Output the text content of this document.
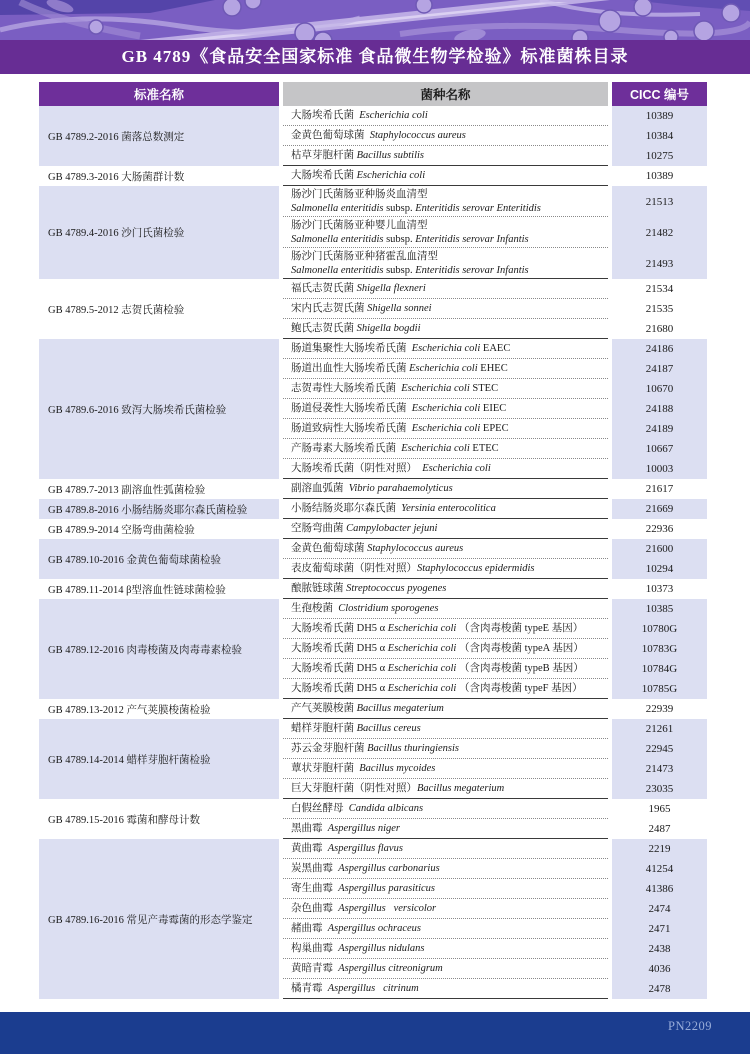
GB 4789《食品安全国家标准 食品微生物学检验》标准菌株目录
标准名称	菌种名称	CICC 编号
GB 4789.2-2016 菌落总数测定	大肠埃希氏菌  Escherichia coli	10389

	金黄色葡萄球菌  Staphylococcus aureus	10384

	枯草芽胞杆菌 Bacillus subtilis	10275
GB 4789.3-2016 大肠菌群计数	大肠埃希氏菌 Escherichia coli	10389
GB 4789.4-2016 沙门氏菌检验	肠沙门氏菌肠亚种肠炎血清型
Salmonella enteritidis subsp. Enteritidis serovar Enteritidis	21513

	肠沙门氏菌肠亚种婴儿血清型
Salmonella enteritidis subsp. Enteritidis serovar Infantis	21482

	肠沙门氏菌肠亚种猪霍乱血清型
Salmonella enteritidis subsp. Enteritidis serovar Infantis	21493
GB 4789.5-2012 志贺氏菌检验	福氏志贺氏菌 Shigella flexneri	21534

	宋内氏志贺氏菌 Shigella sonnei	21535

	鲍氏志贺氏菌 Shigella bogdii	21680
GB 4789.6-2016 致泻大肠埃希氏菌检验	肠道集聚性大肠埃希氏菌  Escherichia coli EAEC	24186

	肠道出血性大肠埃希氏菌 Escherichia coli EHEC	24187

	志贺毒性大肠埃希氏菌  Escherichia coli STEC	10670

	肠道侵袭性大肠埃希氏菌  Escherichia coli EIEC	24188

	肠道致病性大肠埃希氏菌  Escherichia coli EPEC	24189

	产肠毒素大肠埃希氏菌  Escherichia coli ETEC	10667

	大肠埃希氏菌（阴性对照）  Escherichia coli	10003
GB 4789.7-2013 副溶血性弧菌检验	副溶血弧菌  Vibrio parahaemolyticus	21617
GB 4789.8-2016 小肠结肠炎耶尔森氏菌检验	小肠结肠炎耶尔森氏菌  Yersinia enterocolitica	21669
GB 4789.9-2014 空肠弯曲菌检验	空肠弯曲菌 Campylobacter jejuni	22936
GB 4789.10-2016 金黄色葡萄球菌检验	金黄色葡萄球菌 Staphylococcus aureus	21600

	表皮葡萄球菌（阴性对照）Staphylococcus epidermidis	10294
GB 4789.11-2014 β型溶血性链球菌检验	酿脓链球菌 Streptococcus pyogenes	10373
GB 4789.12-2016 肉毒梭菌及肉毒毒素检验	生孢梭菌  Clostridium sporogenes	10385

	大肠埃希氏菌 DH5 α Escherichia coli （含肉毒梭菌 typeE 基因）	10780G

	大肠埃希氏菌 DH5 α Escherichia coli （含肉毒梭菌 typeA 基因）	10783G

	大肠埃希氏菌 DH5 α Escherichia coli （含肉毒梭菌 typeB 基因）	10784G

	大肠埃希氏菌 DH5 α Escherichia coli （含肉毒梭菌 typeF 基因）	10785G
GB 4789.13-2012 产气荚膜梭菌检验	产气荚膜梭菌 Bacillus megaterium	22939
GB 4789.14-2014 蜡样芽胞杆菌检验	蜡样芽胞杆菌 Bacillus cereus	21261

	苏云金芽胞杆菌 Bacillus thuringiensis	22945

	蕈状芽胞杆菌  Bacillus mycoides	21473

	巨大芽胞杆菌（阴性对照）Bacillus megaterium	23035
GB 4789.15-2016 霉菌和酵母计数	白假丝酵母  Candida albicans	1965

	黑曲霉  Aspergillus niger	2487
GB 4789.16-2016 常见产毒霉菌的形态学鉴定	黄曲霉  Aspergillus flavus	2219

	炭黑曲霉  Aspergillus carbonarius	41254

	寄生曲霉  Aspergillus parasiticus	41386

	杂色曲霉  Aspergillus   versicolor	2474

	赭曲霉  Aspergillus ochraceus	2471

	构巢曲霉  Aspergillus nidulans	2438

	黄暗青霉  Aspergillus citreonigrum	4036

	橘青霉  Aspergillus   citrinum	2478
PN2209
